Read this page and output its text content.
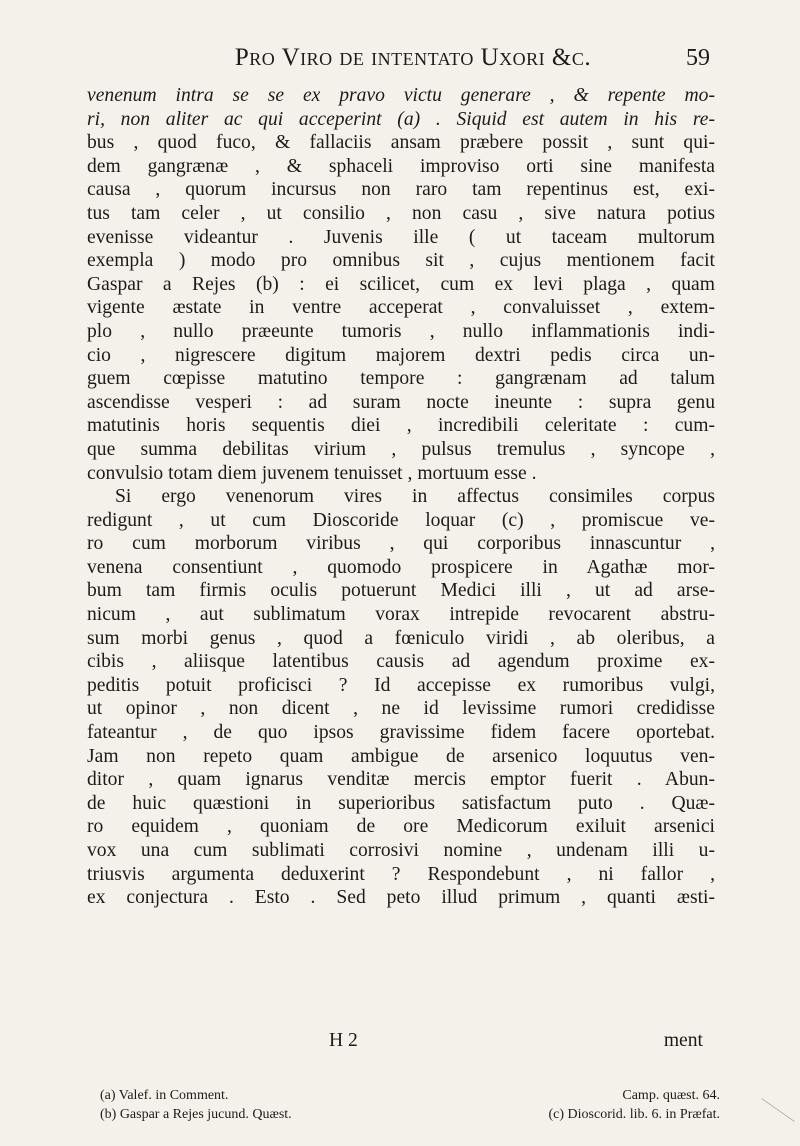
Pro Viro de intentato Uxori &c.	59
venenum intra se se ex pravo victu generare , & repente mo-
ri, non aliter ac qui acceperint (a) . Siquid est autem in his re-
bus , quod fuco, & fallaciis ansam præbere possit , sunt qui-
dem gangrænæ , & sphaceli improviso orti sine manifesta
causa , quorum incursus non raro tam repentinus est, exi-
tus tam celer , ut consilio , non casu , sive natura potius
evenisse videantur . Juvenis ille ( ut taceam multorum
exempla ) modo pro omnibus sit , cujus mentionem facit
Gaspar a Rejes (b) : ei scilicet, cum ex levi plaga , quam
vigente æstate in ventre acceperat , convaluisset , extem-
plo , nullo præeunte tumoris , nullo inflammationis indi-
cio , nigrescere digitum majorem dextri pedis circa un-
guem cœpisse matutino tempore : gangrænam ad talum
ascendisse vesperi : ad suram nocte ineunte : supra genu
matutinis horis sequentis diei , incredibili celeritate : cum-
que summa debilitas virium , pulsus tremulus , syncope ,
convulsio totam diem juvenem tenuisset , mortuum esse .
Si ergo venenorum vires in affectus consimiles corpus
redigunt , ut cum Dioscoride loquar (c) , promiscue ve-
ro cum morborum viribus , qui corporibus innascuntur ,
venena consentiunt , quomodo prospicere in Agathæ mor-
bum tam firmis oculis potuerunt Medici illi , ut ad arse-
nicum , aut sublimatum vorax intrepide revocarent abstru-
sum morbi genus , quod a fœniculo viridi , ab oleribus, a
cibis , aliisque latentibus causis ad agendum proxime ex-
peditis potuit proficisci ? Id accepisse ex rumoribus vulgi,
ut opinor , non dicent , ne id levissime rumori credidisse
fateantur , de quo ipsos gravissime fidem facere oportebat.
Jam non repeto quam ambigue de arsenico loquutus ven-
ditor , quam ignarus venditæ mercis emptor fuerit . Abun-
de huic quæstioni in superioribus satisfactum puto . Quæ-
ro equidem , quoniam de ore Medicorum exiluit arsenici
vox una cum sublimati corrosivi nomine , undenam illi u-
triusvis argumenta deduxerint ? Respondebunt , ni fallor ,
ex conjectura . Esto . Sed peto illud primum , quanti æsti-
H 2	ment
(a) Valef. in Comment.	Camp. quæst. 64.
(b) Gaspar a Rejes jucund. Quæst.	(c) Dioscorid. lib. 6. in Præfat.
